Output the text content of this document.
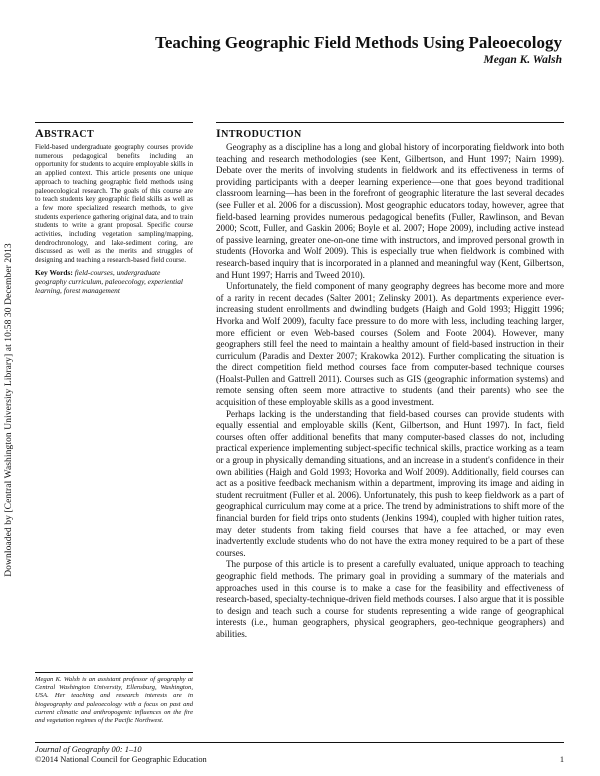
Downloaded by [Central Washington University Library] at 10:58 30 December 2013
Teaching Geographic Field Methods Using Paleoecology
Megan K. Walsh
ABSTRACT

Field-based undergraduate geography courses provide numerous pedagogical benefits including an opportunity for students to acquire employable skills in an applied context. This article presents one unique approach to teaching geographic field methods using paleoecological research. The goals of this course are to teach students key geographic field skills as well as a few more specialized research methods, to give students experience gathering original data, and to train students to write a grant proposal. Specific course activities, including vegetation sampling/mapping, dendrochronology, and lake-sediment coring, are discussed as well as the merits and struggles of designing and teaching a research-based field course.

Key Words: field-courses, undergraduate geography curriculum, paleoecology, experiential learning, forest management

Megan K. Walsh is an assistant professor of geography at Central Washington University, Ellensburg, Washington, USA. Her teaching and research interests are in biogeography and paleoecology with a focus on past and current climatic and anthropogenic influences on the fire and vegetation regimes of the Pacific Northwest.

INTRODUCTION

Geography as a discipline has a long and global history of incorporating fieldwork into both teaching and research methodologies (see Kent, Gilbertson, and Hunt 1997; Nairn 1999). Debate over the merits of involving students in fieldwork and its effectiveness in terms of providing participants with a deeper learning experience—one that goes beyond traditional classroom learning—has been in the forefront of geographic literature the last several decades (see Fuller et al. 2006 for a discussion). Most geographic educators today, however, agree that field-based learning provides numerous pedagogical benefits (Fuller, Rawlinson, and Bevan 2000; Scott, Fuller, and Gaskin 2006; Boyle et al. 2007; Hope 2009), including active instead of passive learning, greater one-on-one time with instructors, and improved personal growth in students (Hovorka and Wolf 2009). This is especially true when fieldwork is combined with research-based inquiry that is incorporated in a planned and meaningful way (Kent, Gilbertson, and Hunt 1997; Harris and Tweed 2010).

Unfortunately, the field component of many geography degrees has become more and more of a rarity in recent decades (Salter 2001; Zelinsky 2001). As departments experience ever-increasing student enrollments and dwindling budgets (Haigh and Gold 1993; Higgitt 1996; Hvorka and Wolf 2009), faculty face pressure to do more with less, including teaching larger, more efficient or even Web-based courses (Solem and Foote 2004). However, many geographers still feel the need to maintain a healthy amount of field-based instruction in their curriculum (Paradis and Dexter 2007; Krakowka 2012). Further complicating the situation is the direct competition field method courses face from computer-based technique courses (Hoalst-Pullen and Gattrell 2011). Courses such as GIS (geographic information systems) and remote sensing often seem more attractive to students (and their parents) who see the acquisition of these employable skills as a good investment.

Perhaps lacking is the understanding that field-based courses can provide students with equally essential and employable skills (Kent, Gilbertson, and Hunt 1997). In fact, field courses often offer additional benefits that many computer-based classes do not, including practical experience implementing subject-specific technical skills, practice working as a team or a group in physically demanding situations, and an increase in a student's confidence in their own abilities (Haigh and Gold 1993; Hovorka and Wolf 2009). Additionally, field courses can act as a positive feedback mechanism within a department, improving its image and aiding in student recruitment (Fuller et al. 2006). Unfortunately, this push to keep fieldwork as a part of geographical curriculum may come at a price. The trend by administrations to shift more of the financial burden for field trips onto students (Jenkins 1994), coupled with higher tuition rates, may deter students from taking field courses that have a fee attached, or may even inadvertently exclude students who do not have the extra money required to be a part of these courses.

The purpose of this article is to present a carefully evaluated, unique approach to teaching geographic field methods. The primary goal in providing a summary of the materials and approaches used in this course is to make a case for the feasibility and effectiveness of research-based, specialty-technique-driven field methods courses. I also argue that it is possible to design and teach such a course for students representing a wide range of geographical interests (i.e., human geographers, physical geographers, geo-technique geographers) and abilities.

Journal of Geography 00: 1–10
©2014 National Council for Geographic Education	1
